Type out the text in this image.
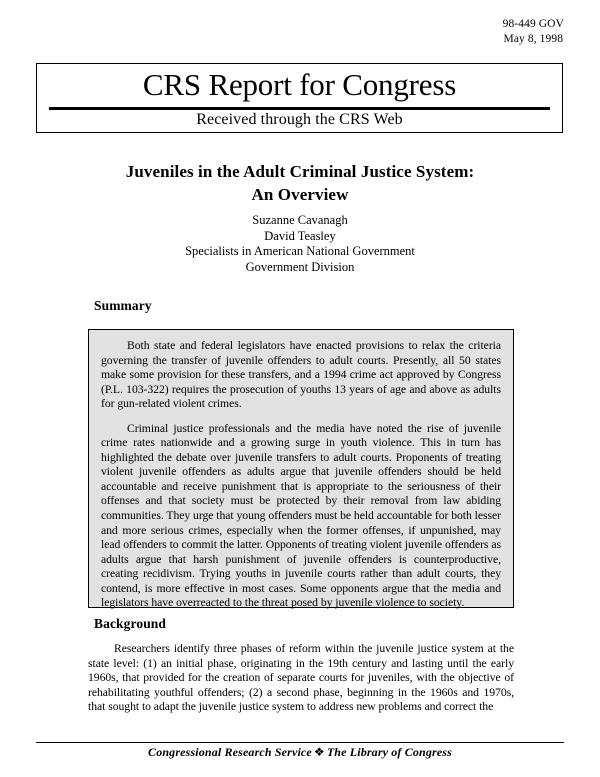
98-449 GOV
May 8, 1998
CRS Report for Congress
Received through the CRS Web
Juveniles in the Adult Criminal Justice System:
An Overview
Suzanne Cavanagh
David Teasley
Specialists in American National Government
Government Division
Summary

Both state and federal legislators have enacted provisions to relax the criteria governing the transfer of juvenile offenders to adult courts. Presently, all 50 states make some provision for these transfers, and a 1994 crime act approved by Congress (P.L. 103-322) requires the prosecution of youths 13 years of age and above as adults for gun-related violent crimes.

Criminal justice professionals and the media have noted the rise of juvenile crime rates nationwide and a growing surge in youth violence. This in turn has highlighted the debate over juvenile transfers to adult courts. Proponents of treating violent juvenile offenders as adults argue that juvenile offenders should be held accountable and receive punishment that is appropriate to the seriousness of their offenses and that society must be protected by their removal from law abiding communities. They urge that young offenders must be held accountable for both lesser and more serious crimes, especially when the former offenses, if unpunished, may lead offenders to commit the latter. Opponents of treating violent juvenile offenders as adults argue that harsh punishment of juvenile offenders is counterproductive, creating recidivism. Trying youths in juvenile courts rather than adult courts, they contend, is more effective in most cases. Some opponents argue that the media and legislators have overreacted to the threat posed by juvenile violence to society.

Background

Researchers identify three phases of reform within the juvenile justice system at the state level: (1) an initial phase, originating in the 19th century and lasting until the early 1960s, that provided for the creation of separate courts for juveniles, with the objective of rehabilitating youthful offenders; (2) a second phase, beginning in the 1960s and 1970s, that sought to adapt the juvenile justice system to address new problems and correct the

Congressional Research Service ❖ The Library of Congress
